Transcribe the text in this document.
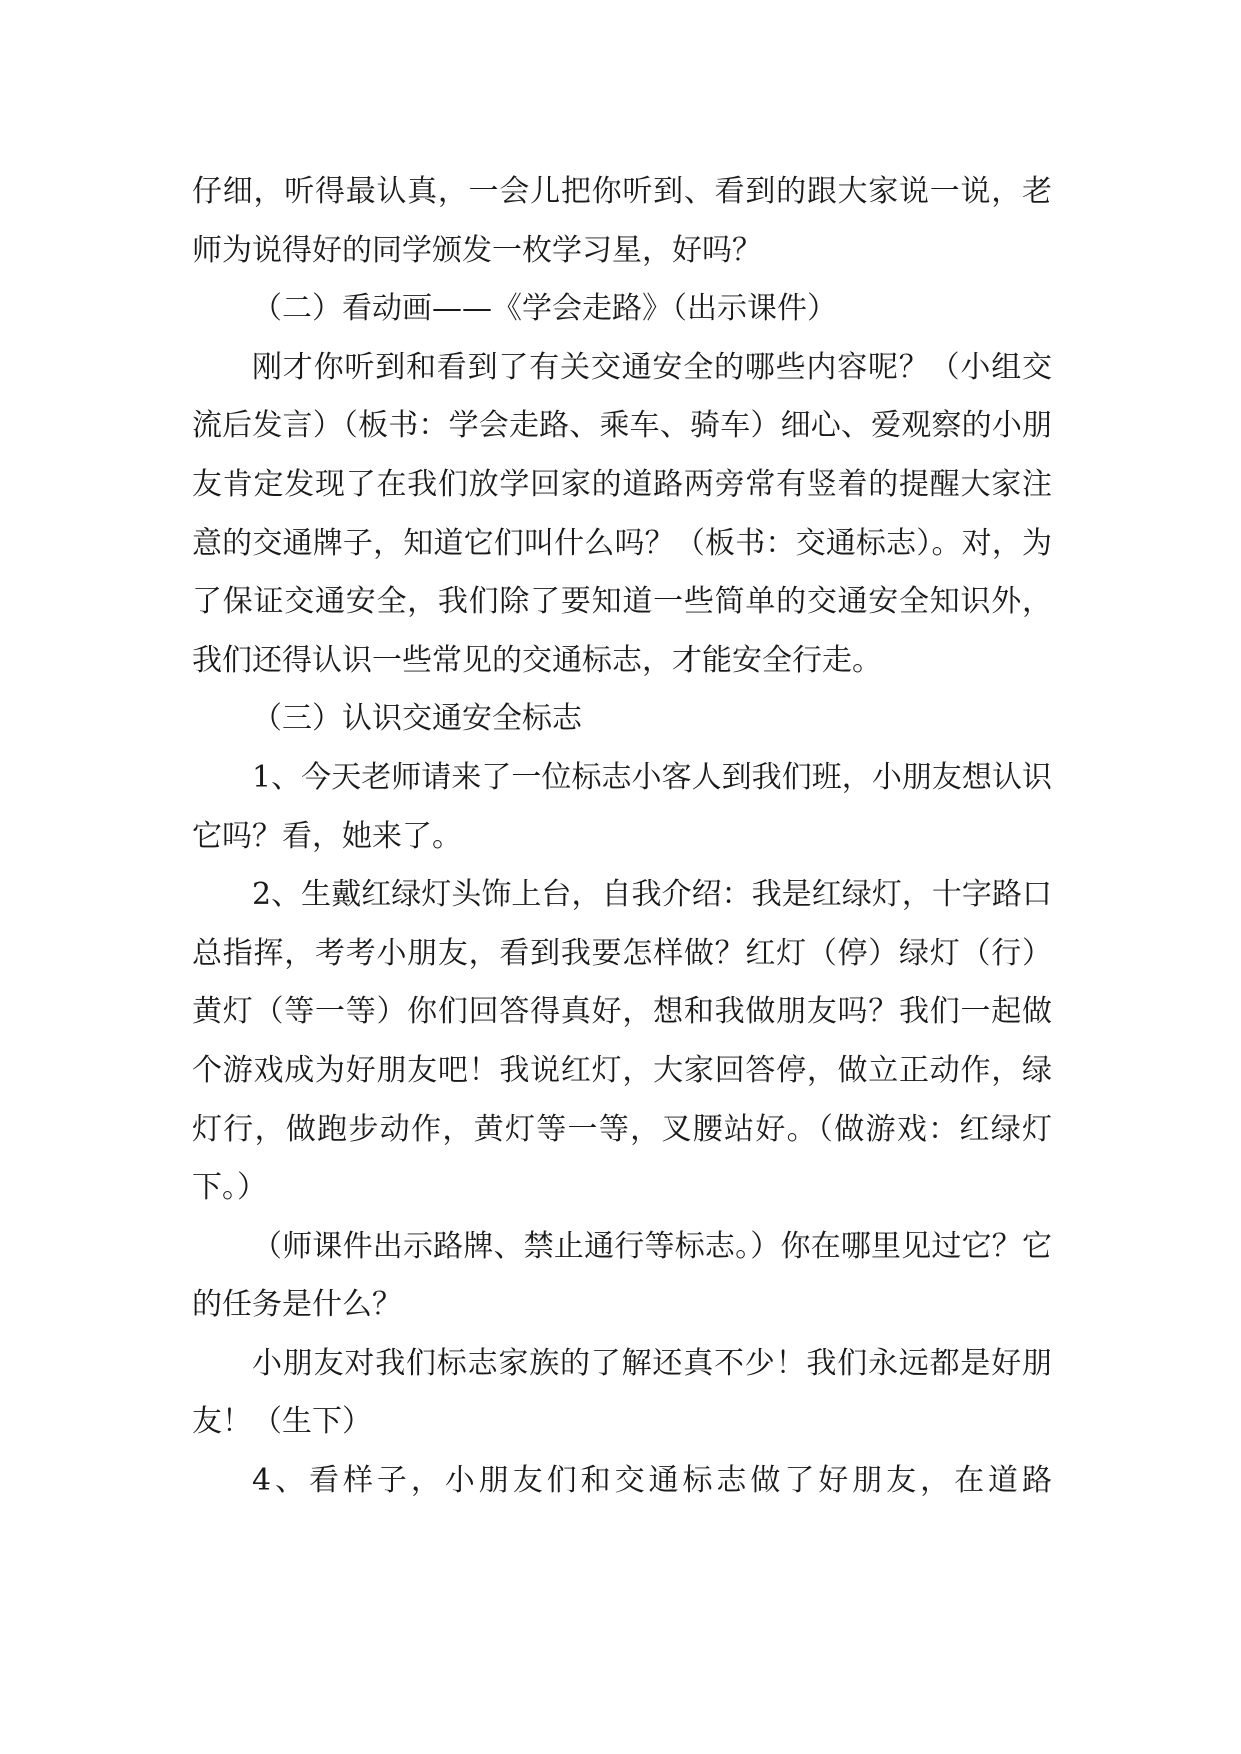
仔细，听得最认真，一会儿把你听到、看到的跟大家说一说，老师为说得好的同学颁发一枚学习星，好吗？

（二）看动画——《学会走路》（出示课件）

刚才你听到和看到了有关交通安全的哪些内容呢？（小组交流后发言）（板书：学会走路、乘车、骑车）细心、爱观察的小朋友肯定发现了在我们放学回家的道路两旁常有竖着的提醒大家注意的交通牌子，知道它们叫什么吗？（板书：交通标志）。对，为了保证交通安全，我们除了要知道一些简单的交通安全知识外，我们还得认识一些常见的交通标志，才能安全行走。

（三）认识交通安全标志

1、今天老师请来了一位标志小客人到我们班，小朋友想认识它吗？看，她来了。

2、生戴红绿灯头饰上台，自我介绍：我是红绿灯，十字路口总指挥，考考小朋友，看到我要怎样做？红灯（停）绿灯（行）黄灯（等一等）你们回答得真好，想和我做朋友吗？我们一起做个游戏成为好朋友吧！我说红灯，大家回答停，做立正动作，绿灯行，做跑步动作，黄灯等一等，叉腰站好。（做游戏：红绿灯下。）

（师课件出示路牌、禁止通行等标志。）你在哪里见过它？它的任务是什么？

小朋友对我们标志家族的了解还真不少！我们永远都是好朋友！（生下）

4、看样子，小朋友们和交通标志做了好朋友，在道路
